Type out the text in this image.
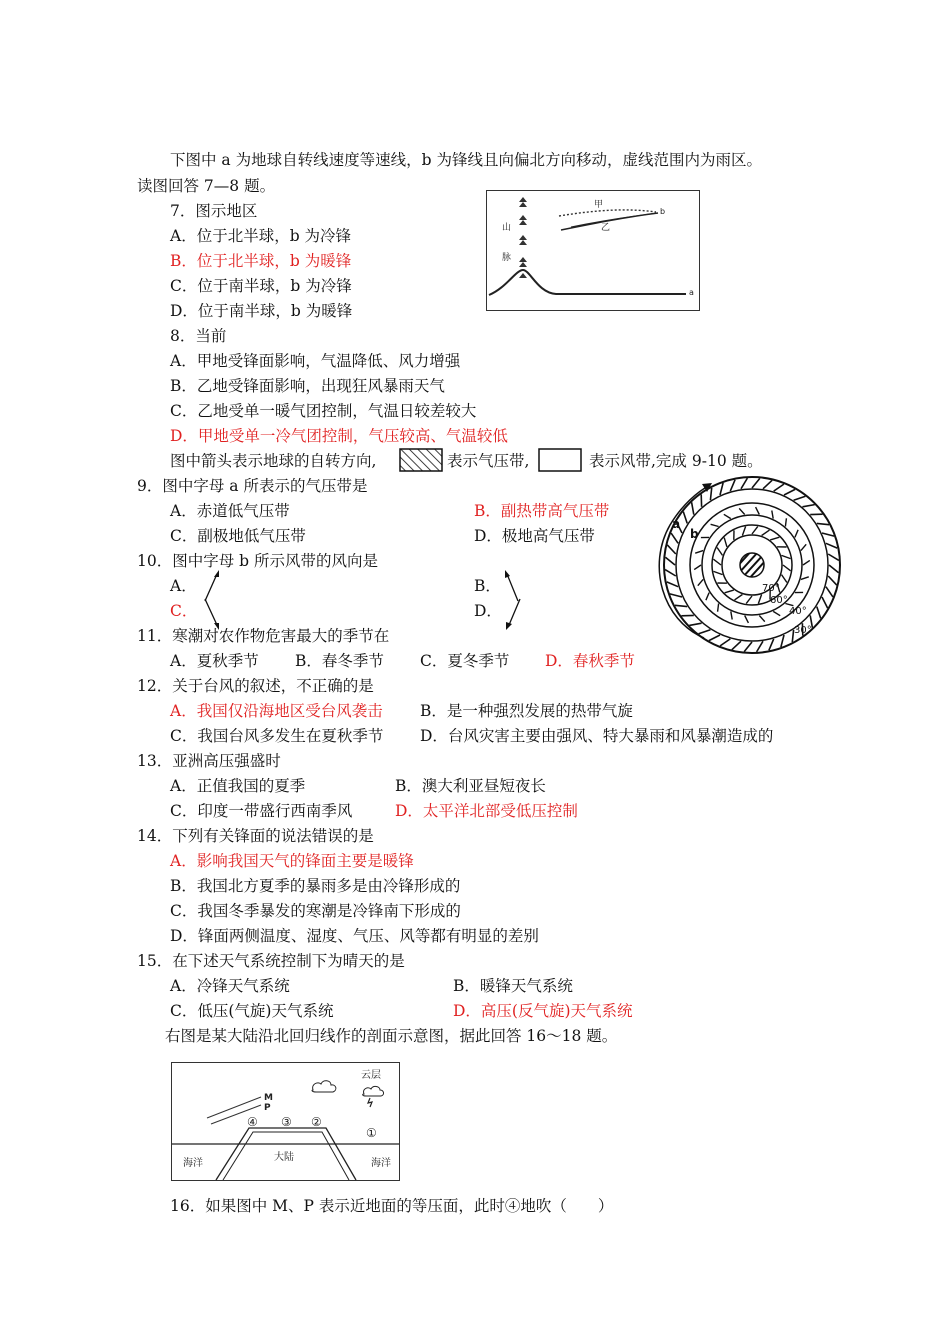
下图中 a 为地球自转线速度等速线，b 为锋线且向偏北方向移动，虚线范围内为雨区。
读图回答 7—8 题。
7．图示地区
A．位于北半球，b 为冷锋
B．位于北半球，b 为暖锋
C．位于南半球，b 为冷锋
D．位于南半球，b 为暖锋
山
脉
a
甲
乙
b
8．当前
A．甲地受锋面影响，气温降低、风力增强
B．乙地受锋面影响，出现狂风暴雨天气
C．乙地受单一暖气团控制，气温日较差较大
D．甲地受单一冷气团控制，气压较高、气温较低
图中箭头表示地球的自转方向,	表示气压带,	表示风带,完成 9-10 题。
9．图中字母 a 所表示的气压带是
A．赤道低气压带	B．副热带高气压带
C．副极地低气压带	D．极地高气压带
10．图中字母 b 所示风带的风向是
A．	B．
C．	D．
a
b
70°
60°
40°
30°
11．寒潮对农作物危害最大的季节在
A．夏秋季节 B．春冬季节 C．夏冬季节 D．春秋季节
12．关于台风的叙述，不正确的是
A．我国仅沿海地区受台风袭击 B．是一种强烈发展的热带气旋
C．我国台风多发生在夏秋季节 D．台风灾害主要由强风、特大暴雨和风暴潮造成的
13．亚洲高压强盛时
A．正值我国的夏季	B．澳大利亚昼短夜长
C．印度一带盛行西南季风	D．太平洋北部受低压控制
14．下列有关锋面的说法错误的是
A．影响我国天气的锋面主要是暖锋
B．我国北方夏季的暴雨多是由冷锋形成的
C．我国冬季暴发的寒潮是冷锋南下形成的
D．锋面两侧温度、湿度、气压、风等都有明显的差别
15．在下述天气系统控制下为晴天的是
A．冷锋天气系统	B．暖锋天气系统
C．低压(气旋)天气系统	D．高压(反气旋)天气系统
右图是某大陆沿北回归线作的剖面示意图，据此回答 16～18 题。
M
P
云层
④ ③ ②
①
大陆
海洋	海洋
16．如果图中 M、P 表示近地面的等压面，此时④地吹（　　）
